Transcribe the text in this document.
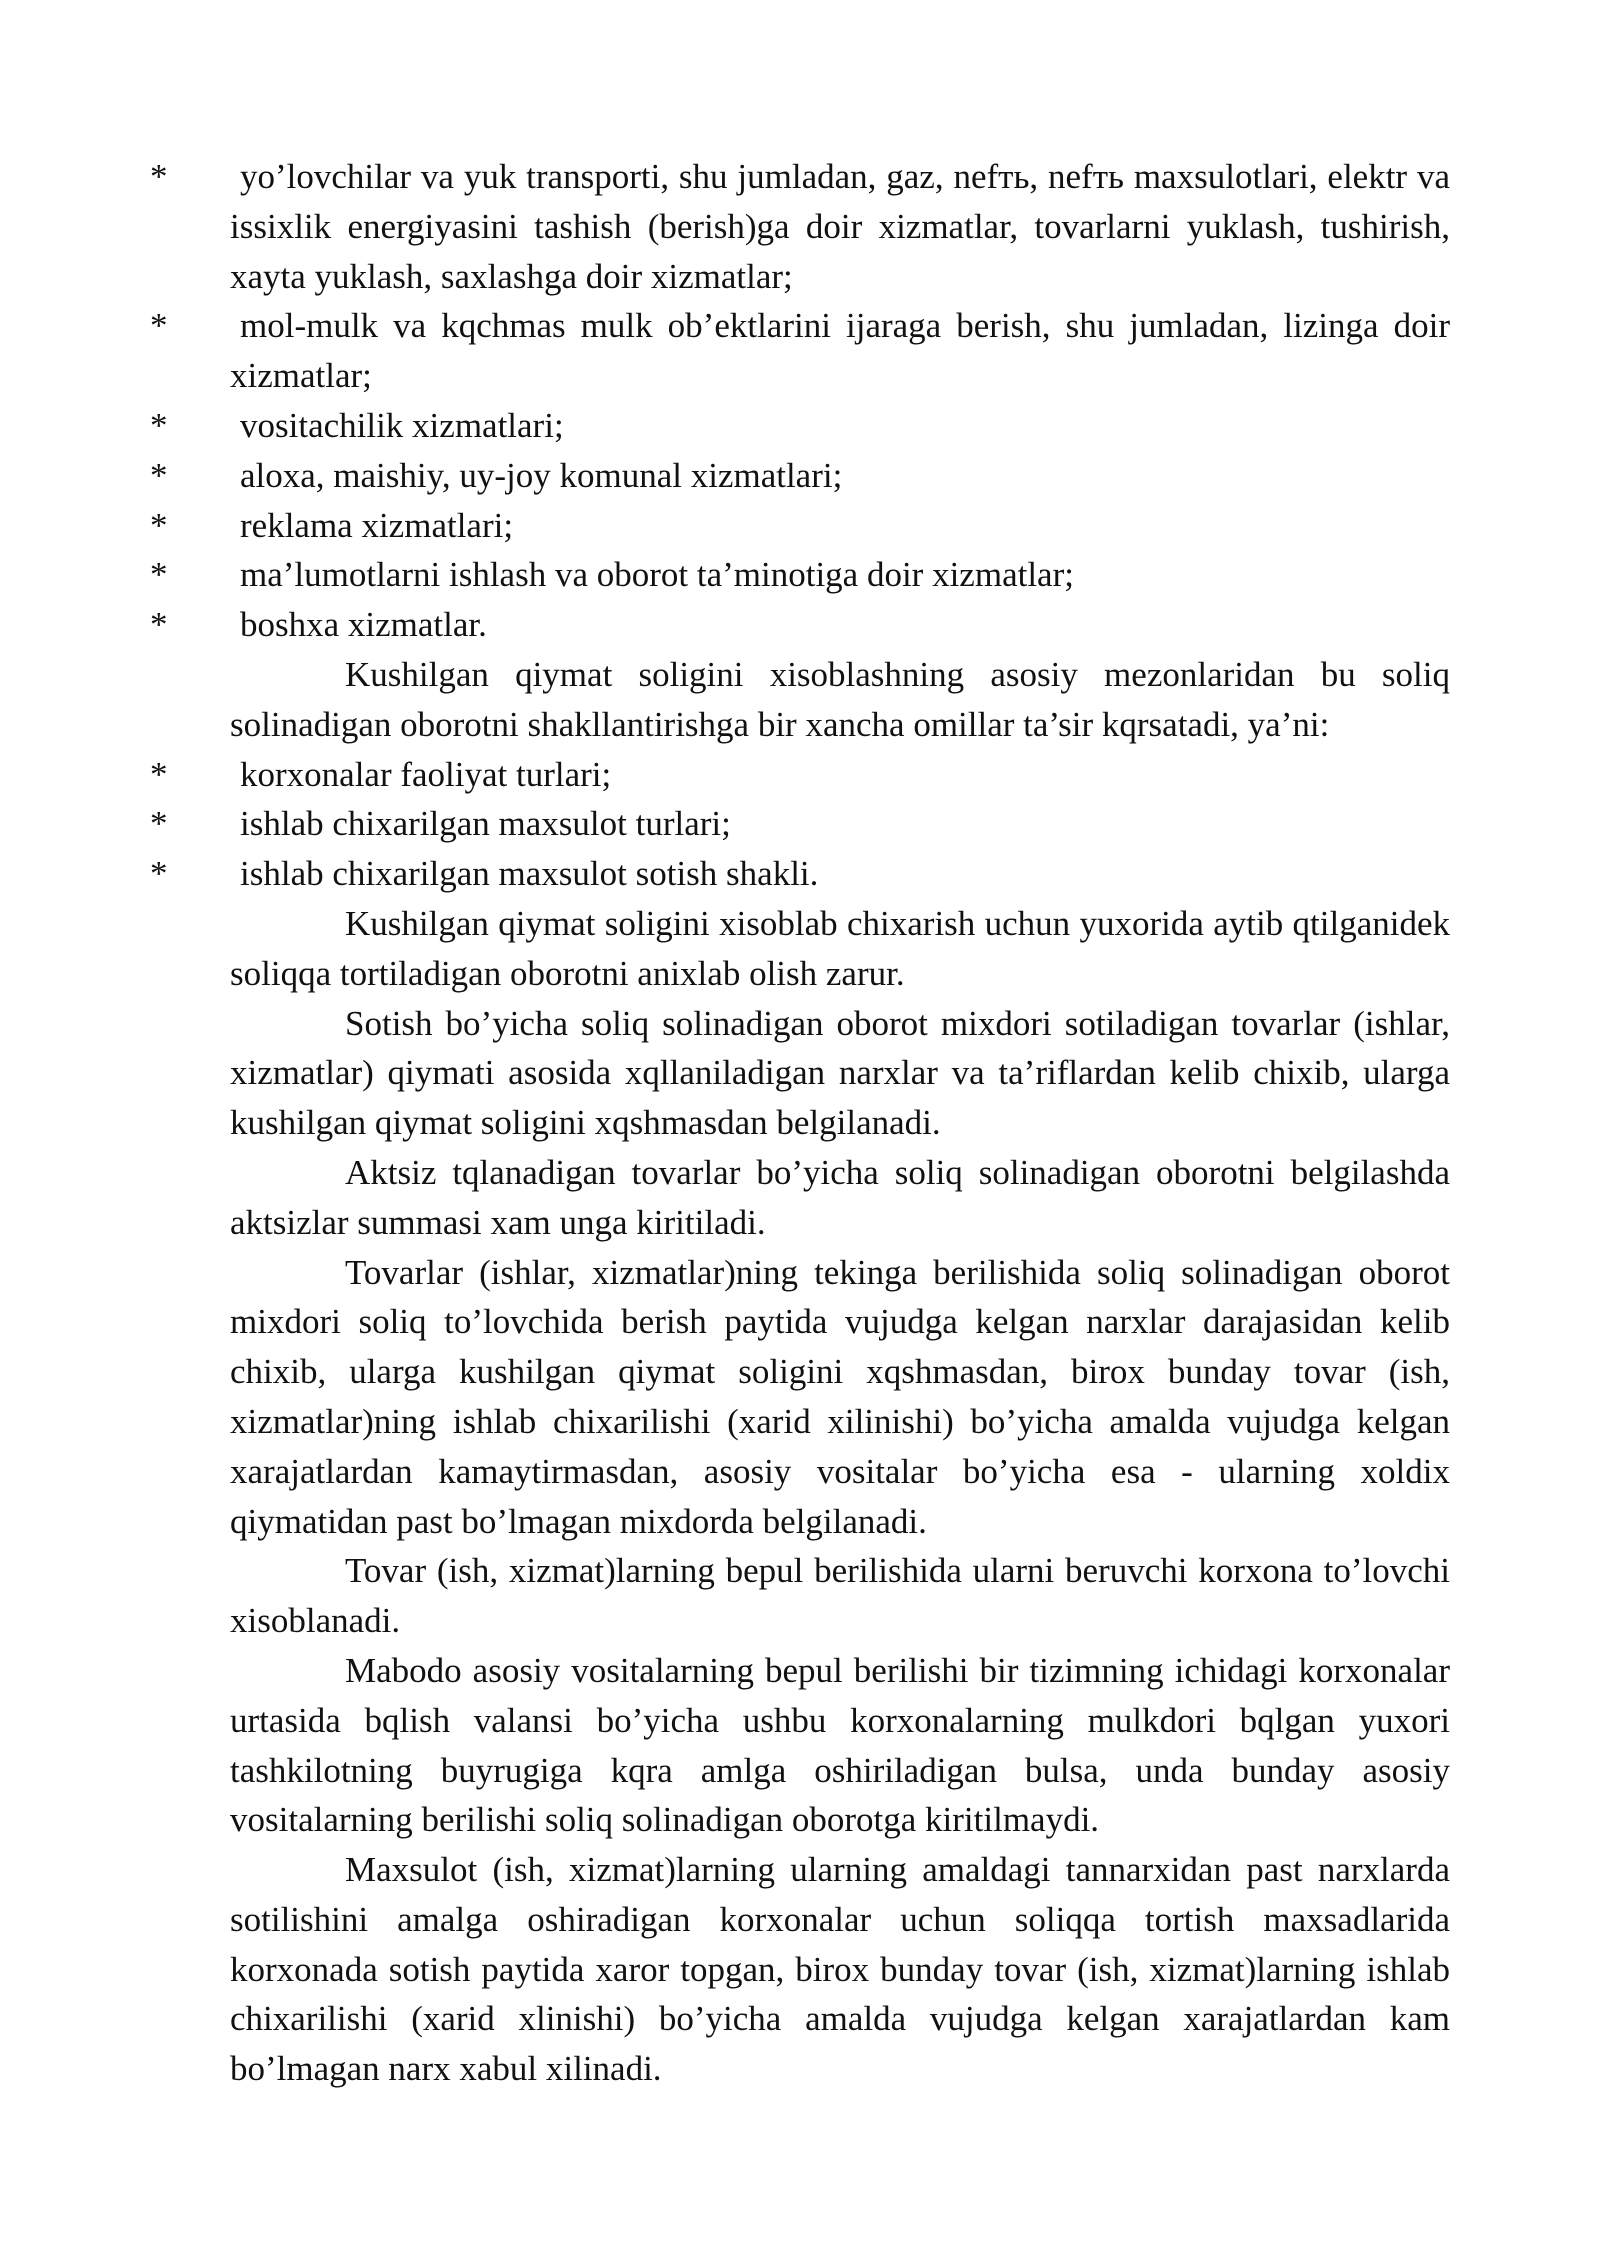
* yo’lovchilar va yuk transporti, shu jumladan, gaz, nefть, nefть maxsulotlari, elektr va issixlik energiyasini tashish (berish)ga doir xizmatlar, tovarlarni yuklash, tushirish, xayta yuklash, saxlashga doir xizmatlar;
* mol-mulk va kqchmas mulk ob’ektlarini ijaraga berish, shu jumladan, lizinga doir xizmatlar;
* vositachilik xizmatlari;
* aloxa, maishiy, uy-joy komunal xizmatlari;
* reklama xizmatlari;
* ma’lumotlarni ishlash va oborot ta’minotiga doir xizmatlar;
* boshxa xizmatlar.

Kushilgan qiymat soligini xisoblashning asosiy mezonlaridan bu soliq solinadigan oborotni shakllantirishga bir xancha omillar ta’sir kqrsatadi, ya’ni:

* korxonalar faoliyat turlari;
* ishlab chixarilgan maxsulot turlari;
* ishlab chixarilgan maxsulot sotish shakli.

Kushilgan qiymat soligini xisoblab chixarish uchun yuxorida aytib qtilganidek soliqqa tortiladigan oborotni anixlab olish zarur.

Sotish bo’yicha soliq solinadigan oborot mixdori sotiladigan tovarlar (ishlar, xizmatlar) qiymati asosida xqllaniladigan narxlar va ta’riflardan kelib chixib, ularga kushilgan qiymat soligini xqshmasdan belgilanadi.

Aktsiz tqlanadigan tovarlar bo’yicha soliq solinadigan oborotni belgilashda aktsizlar summasi xam unga kiritiladi.

Tovarlar (ishlar, xizmatlar)ning tekinga berilishida soliq solinadigan oborot mixdori soliq to’lovchida berish paytida vujudga kelgan narxlar darajasidan kelib chixib, ularga kushilgan qiymat soligini xqshmasdan, birox bunday tovar (ish, xizmatlar)ning ishlab chixarilishi (xarid xilinishi) bo’yicha amalda vujudga kelgan xarajatlardan kamaytirmasdan, asosiy vositalar bo’yicha esa - ularning xoldix qiymatidan past bo’lmagan mixdorda belgilanadi.

Tovar (ish, xizmat)larning bepul berilishida ularni beruvchi korxona to’lovchi xisoblanadi.

Mabodo asosiy vositalarning bepul berilishi bir tizimning ichidagi korxonalar urtasida bqlish valansi bo’yicha ushbu korxonalarning mulkdori bqlgan yuxori tashkilotning buyrugiga kqra amlga oshiriladigan bulsa, unda bunday asosiy vositalarning berilishi soliq solinadigan oborotga kiritilmaydi.

Maxsulot (ish, xizmat)larning ularning amaldagi tannarxidan past narxlarda sotilishini amalga oshiradigan korxonalar uchun soliqqa tortish maxsadlarida korxonada sotish paytida xaror topgan, birox bunday tovar (ish, xizmat)larning ishlab chixarilishi (xarid xlinishi) bo’yicha amalda vujudga kelgan xarajatlardan kam bo’lmagan narx xabul xilinadi.
